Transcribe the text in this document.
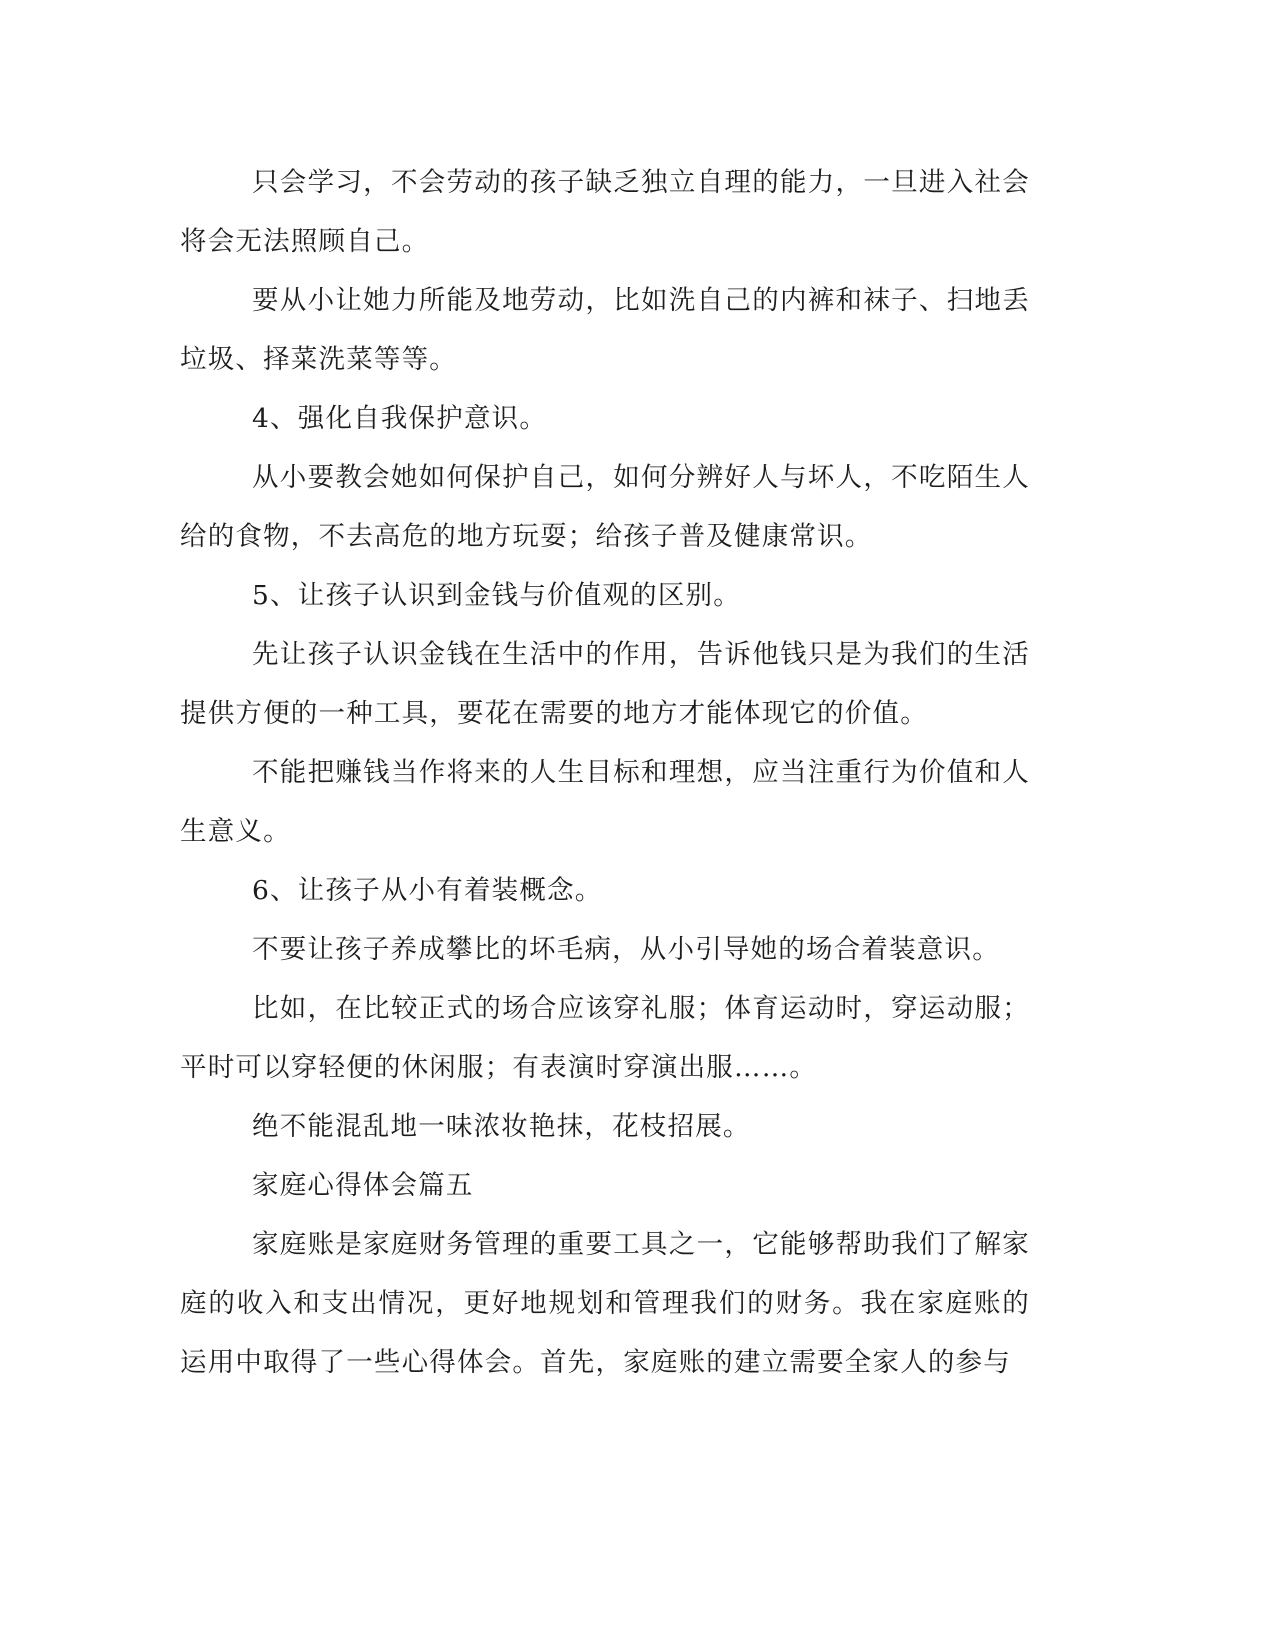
只会学习，不会劳动的孩子缺乏独立自理的能力，一旦进入社会将会无法照顾自己。

要从小让她力所能及地劳动，比如洗自己的内裤和袜子、扫地丢垃圾、择菜洗菜等等。

4、强化自我保护意识。

从小要教会她如何保护自己，如何分辨好人与坏人，不吃陌生人给的食物，不去高危的地方玩耍；给孩子普及健康常识。

5、让孩子认识到金钱与价值观的区别。

先让孩子认识金钱在生活中的作用，告诉他钱只是为我们的生活提供方便的一种工具，要花在需要的地方才能体现它的价值。

不能把赚钱当作将来的人生目标和理想，应当注重行为价值和人生意义。

6、让孩子从小有着装概念。

不要让孩子养成攀比的坏毛病，从小引导她的场合着装意识。

比如，在比较正式的场合应该穿礼服；体育运动时，穿运动服；平时可以穿轻便的休闲服；有表演时穿演出服……。

绝不能混乱地一味浓妆艳抹，花枝招展。

家庭心得体会篇五

家庭账是家庭财务管理的重要工具之一，它能够帮助我们了解家庭的收入和支出情况，更好地规划和管理我们的财务。我在家庭账的运用中取得了一些心得体会。首先，家庭账的建立需要全家人的参与
